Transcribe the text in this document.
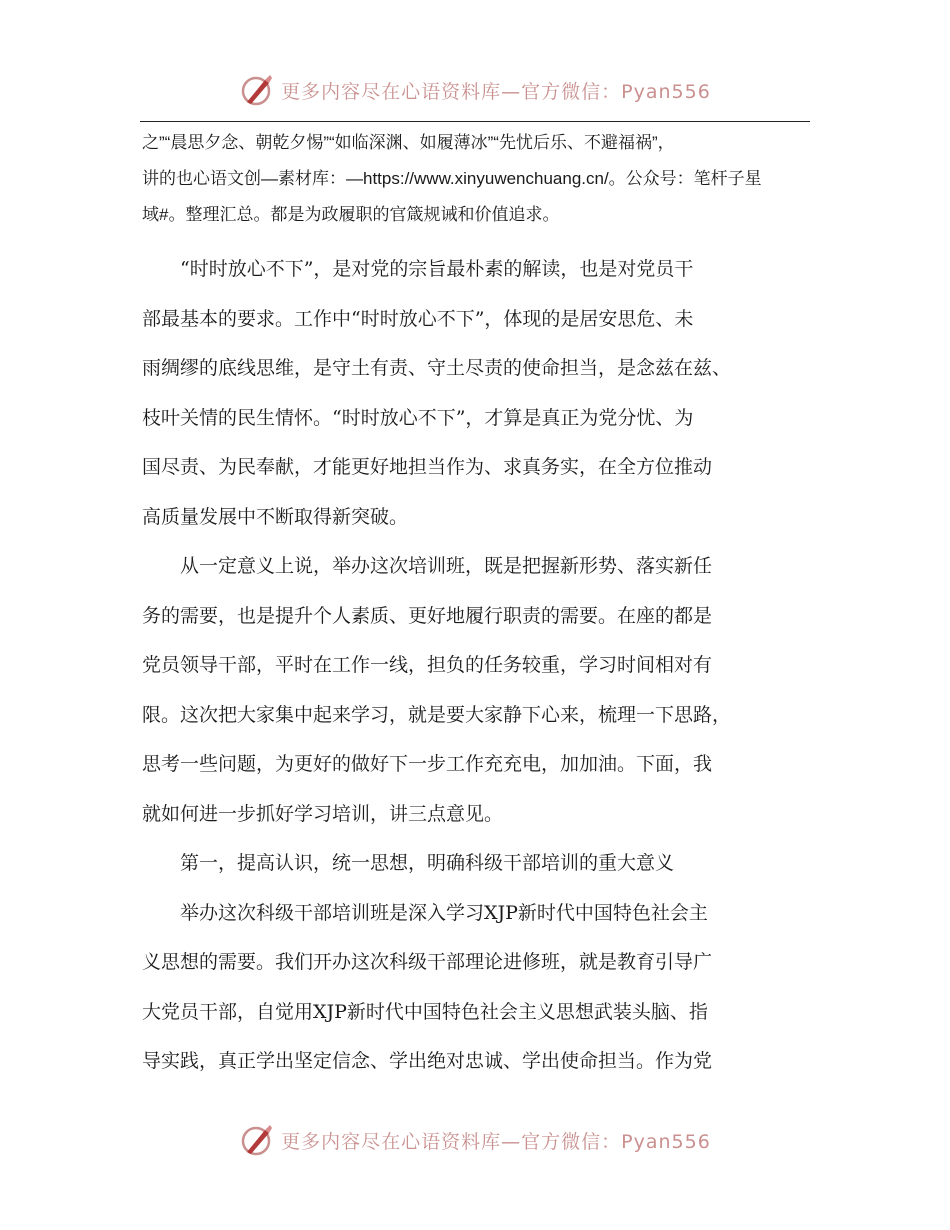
更多内容尽在心语资料库—官方微信：Pyan556

之”“晨思夕念、朝乾夕惕”“如临深渊、如履薄冰”“先忧后乐、不避福祸”，

讲的也心语文创—素材库：—https://www.xinyuwenchuang.cn/。公众号：笔杆子星

域#。整理汇总。都是为政履职的官箴规诫和价值追求。

　　“时时放心不下”，是对党的宗旨最朴素的解读，也是对党员干

部最基本的要求。工作中“时时放心不下”，体现的是居安思危、未

雨绸缪的底线思维，是守土有责、守土尽责的使命担当，是念兹在兹、

枝叶关情的民生情怀。“时时放心不下”，才算是真正为党分忧、为

国尽责、为民奉献，才能更好地担当作为、求真务实，在全方位推动

高质量发展中不断取得新突破。

　　从一定意义上说，举办这次培训班，既是把握新形势、落实新任

务的需要，也是提升个人素质、更好地履行职责的需要。在座的都是

党员领导干部，平时在工作一线，担负的任务较重，学习时间相对有

限。这次把大家集中起来学习，就是要大家静下心来，梳理一下思路，

思考一些问题，为更好的做好下一步工作充充电，加加油。下面，我

就如何进一步抓好学习培训，讲三点意见。

　　第一，提高认识，统一思想，明确科级干部培训的重大意义

　　举办这次科级干部培训班是深入学习XJP新时代中国特色社会主

义思想的需要。我们开办这次科级干部理论进修班，就是教育引导广

大党员干部，自觉用XJP新时代中国特色社会主义思想武装头脑、指

导实践，真正学出坚定信念、学出绝对忠诚、学出使命担当。作为党

更多内容尽在心语资料库—官方微信：Pyan556
